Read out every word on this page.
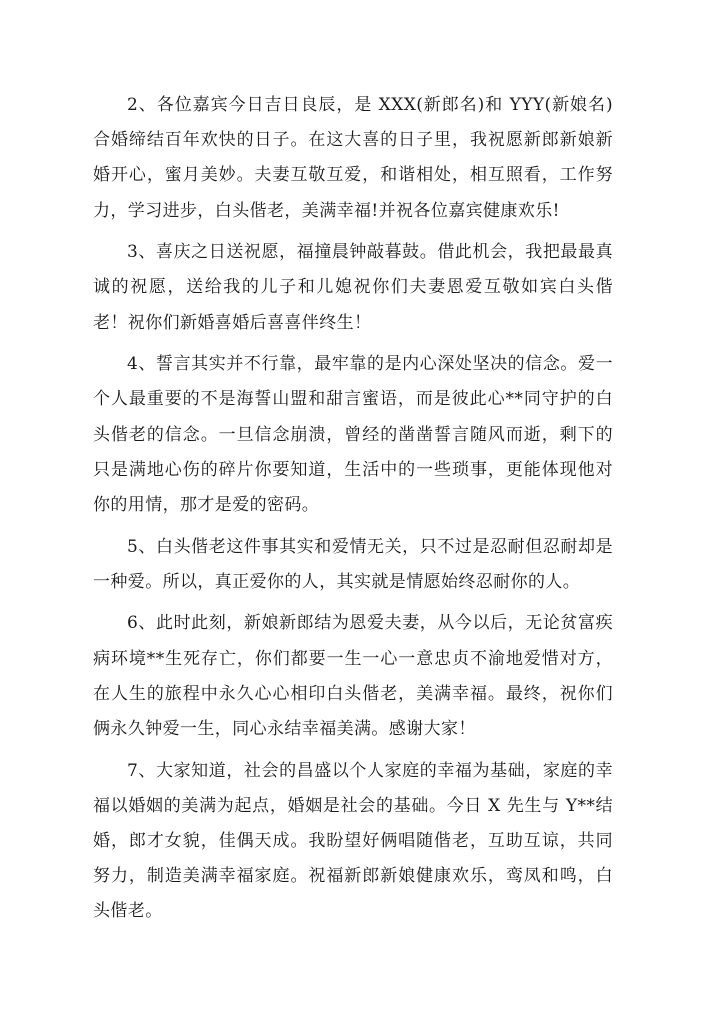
2、各位嘉宾今日吉日良辰，是 XXX(新郎名)和 YYY(新娘名)合婚缔结百年欢快的日子。在这大喜的日子里，我祝愿新郎新娘新婚开心，蜜月美妙。夫妻互敬互爱，和谐相处，相互照看，工作努力，学习进步，白头偕老，美满幸福!并祝各位嘉宾健康欢乐!

3、喜庆之日送祝愿，福撞晨钟敲暮鼓。借此机会，我把最最真诚的祝愿，送给我的儿子和儿媳祝你们夫妻恩爱互敬如宾白头偕老！祝你们新婚喜婚后喜喜伴终生！

4、誓言其实并不行靠，最牢靠的是内心深处坚决的信念。爱一个人最重要的不是海誓山盟和甜言蜜语，而是彼此心**同守护的白头偕老的信念。一旦信念崩溃，曾经的凿凿誓言随风而逝，剩下的只是满地心伤的碎片你要知道，生活中的一些琐事，更能体现他对你的用情，那才是爱的密码。

5、白头偕老这件事其实和爱情无关，只不过是忍耐但忍耐却是一种爱。所以，真正爱你的人，其实就是情愿始终忍耐你的人。

6、此时此刻，新娘新郎结为恩爱夫妻，从今以后，无论贫富疾病环境**生死存亡，你们都要一生一心一意忠贞不渝地爱惜对方，在人生的旅程中永久心心相印白头偕老，美满幸福。最终，祝你们俩永久钟爱一生，同心永结幸福美满。感谢大家！

7、大家知道，社会的昌盛以个人家庭的幸福为基础，家庭的幸福以婚姻的美满为起点，婚姻是社会的基础。今日 X 先生与 Y**结婚，郎才女貌，佳偶天成。我盼望好俩唱随偕老，互助互谅，共同努力，制造美满幸福家庭。祝福新郎新娘健康欢乐，鸾凤和鸣，白头偕老。
